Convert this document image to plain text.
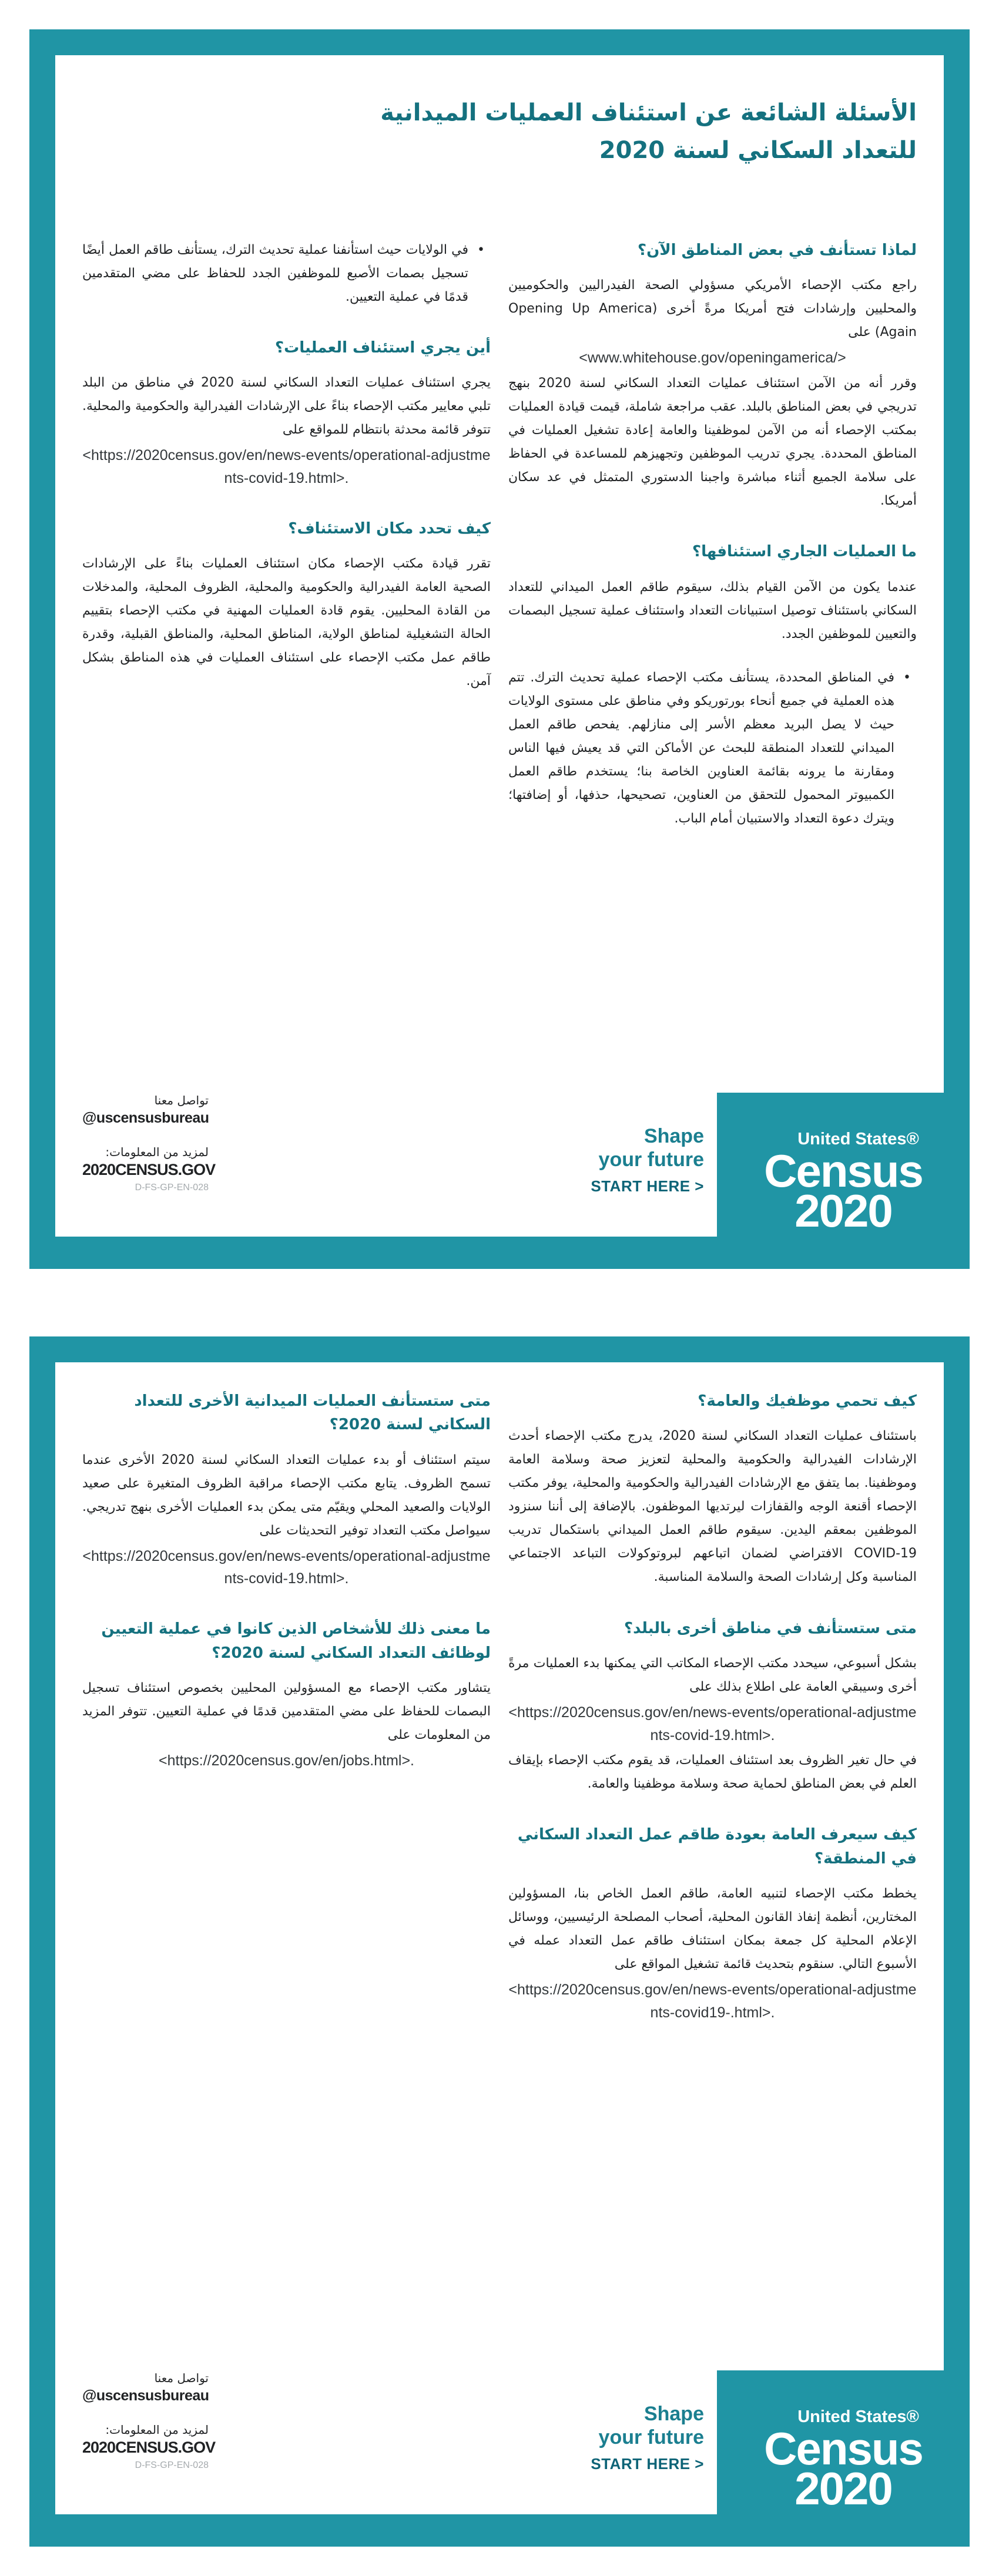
الأسئلة الشائعة عن استئناف العمليات الميدانية
للتعداد السكاني لسنة 2020
لماذا تستأنف في بعض المناطق الآن؟

راجع مكتب الإحصاء الأمريكي مسؤولي الصحة الفيدراليين والحكوميين والمحليين وإرشادات فتح أمريكا مرةً أخرى (Opening Up America Again) على
<www.whitehouse.gov/openingamerica/>
وقرر أنه من الآمن استئناف عمليات التعداد السكاني لسنة 2020 بنهج تدريجي في بعض المناطق بالبلد. عقب مراجعة شاملة، قيمت قيادة العمليات بمكتب الإحصاء أنه من الآمن لموظفينا والعامة إعادة تشغيل العمليات في المناطق المحددة. يجري تدريب الموظفين وتجهيزهم للمساعدة في الحفاظ على سلامة الجميع أثناء مباشرة واجبنا الدستوري المتمثل في عد سكان أمريكا.

ما العمليات الجاري استئنافها؟

عندما يكون من الآمن القيام بذلك، سيقوم طاقم العمل الميداني للتعداد السكاني باستئناف توصيل استبيانات التعداد واستئناف عملية تسجيل البصمات والتعيين للموظفين الجدد.

• في المناطق المحددة، يستأنف مكتب الإحصاء عملية تحديث الترك. تتم هذه العملية في جميع أنحاء بورتوريكو وفي مناطق على مستوى الولايات حيث لا يصل البريد معظم الأسر إلى منازلهم. يفحص طاقم العمل الميداني للتعداد المنطقة للبحث عن الأماكن التي قد يعيش فيها الناس ومقارنة ما يرونه بقائمة العناوين الخاصة بنا؛ يستخدم طاقم العمل الكمبيوتر المحمول للتحقق من العناوين، تصحيحها، حذفها، أو إضافتها؛ ويترك دعوة التعداد والاستبيان أمام الباب.
• في الولايات حيث استأنفنا عملية تحديث الترك، يستأنف طاقم العمل أيضًا تسجيل بصمات الأصبع للموظفين الجدد للحفاظ على مضي المتقدمين قدمًا في عملية التعيين.
أين يجري استئناف العمليات؟

يجري استئناف عمليات التعداد السكاني لسنة 2020 في مناطق من البلد تلبي معايير مكتب الإحصاء بناءً على الإرشادات الفيدرالية والحكومية والمحلية. تتوفر قائمة محدثة بانتظام للمواقع على
<https://2020census.gov/en/news-events/operational-adjustments-covid-19.html>.

كيف تحدد مكان الاستئناف؟

تقرر قيادة مكتب الإحصاء مكان استئناف العمليات بناءً على الإرشادات الصحية العامة الفيدرالية والحكومية والمحلية، الظروف المحلية، والمدخلات من القادة المحليين. يقوم قادة العمليات المهنية في مكتب الإحصاء بتقييم الحالة التشغيلية لمناطق الولاية، المناطق المحلية، والمناطق القبلية، وقدرة طاقم عمل مكتب الإحصاء على استئناف العمليات في هذه المناطق بشكل آمن.

تواصل معنا
@uscensusbureau
لمزيد من المعلومات:
2020CENSUS.GOV
D-FS-GP-EN-028
Shape
your future
START HERE >
United States®
Census
2020
كيف تحمي موظفيك والعامة؟

باستئناف عمليات التعداد السكاني لسنة 2020، يدرج مكتب الإحصاء أحدث الإرشادات الفيدرالية والحكومية والمحلية لتعزيز صحة وسلامة العامة وموظفينا. بما يتفق مع الإرشادات الفيدرالية والحكومية والمحلية، يوفر مكتب الإحصاء أقنعة الوجه والقفازات ليرتديها الموظفون. بالإضافة إلى أننا سنزود الموظفين بمعقم اليدين. سيقوم طاقم العمل الميداني باستكمال تدريب COVID-19 الافتراضي لضمان اتباعهم لبروتوكولات التباعد الاجتماعي المناسبة وكل إرشادات الصحة والسلامة المناسبة.

متى ستستأنف في مناطق أخرى بالبلد؟

بشكل أسبوعي، سيحدد مكتب الإحصاء المكاتب التي يمكنها بدء العمليات مرةً أخرى وسيبقي العامة على اطلاع بذلك على
<https://2020census.gov/en/news-events/operational-adjustments-covid-19.html>.
في حال تغير الظروف بعد استئناف العمليات، قد يقوم مكتب الإحصاء بإيقاف العلم في بعض المناطق لحماية صحة وسلامة موظفينا والعامة.

كيف سيعرف العامة بعودة طاقم عمل التعداد السكاني في المنطقة؟

يخطط مكتب الإحصاء لتنبيه العامة، طاقم العمل الخاص بنا، المسؤولين المختارين، أنظمة إنفاذ القانون المحلية، أصحاب المصلحة الرئيسيين، ووسائل الإعلام المحلية كل جمعة بمكان استئناف طاقم عمل التعداد عمله في الأسبوع التالي. سنقوم بتحديث قائمة تشغيل المواقع على
<https://2020census.gov/en/news-events/operational-adjustments-covid19-.html>.

متى ستستأنف العمليات الميدانية الأخرى للتعداد السكاني لسنة 2020؟

سيتم استئناف أو بدء عمليات التعداد السكاني لسنة 2020 الأخرى عندما تسمح الظروف. يتابع مكتب الإحصاء مراقبة الظروف المتغيرة على صعيد الولايات والصعيد المحلي ويقيّم متى يمكن بدء العمليات الأخرى بنهج تدريجي. سيواصل مكتب التعداد توفير التحديثات على
<https://2020census.gov/en/news-events/operational-adjustments-covid-19.html>.

ما معنى ذلك للأشخاص الذين كانوا في عملية التعيين لوظائف التعداد السكاني لسنة 2020؟

يتشاور مكتب الإحصاء مع المسؤولين المحليين بخصوص استئناف تسجيل البصمات للحفاظ على مضي المتقدمين قدمًا في عملية التعيين. تتوفر المزيد من المعلومات على
<https://2020census.gov/en/jobs.html>.

تواصل معنا
@uscensusbureau
لمزيد من المعلومات:
2020CENSUS.GOV
D-FS-GP-EN-028
Shape
your future
START HERE >
United States®
Census
2020
